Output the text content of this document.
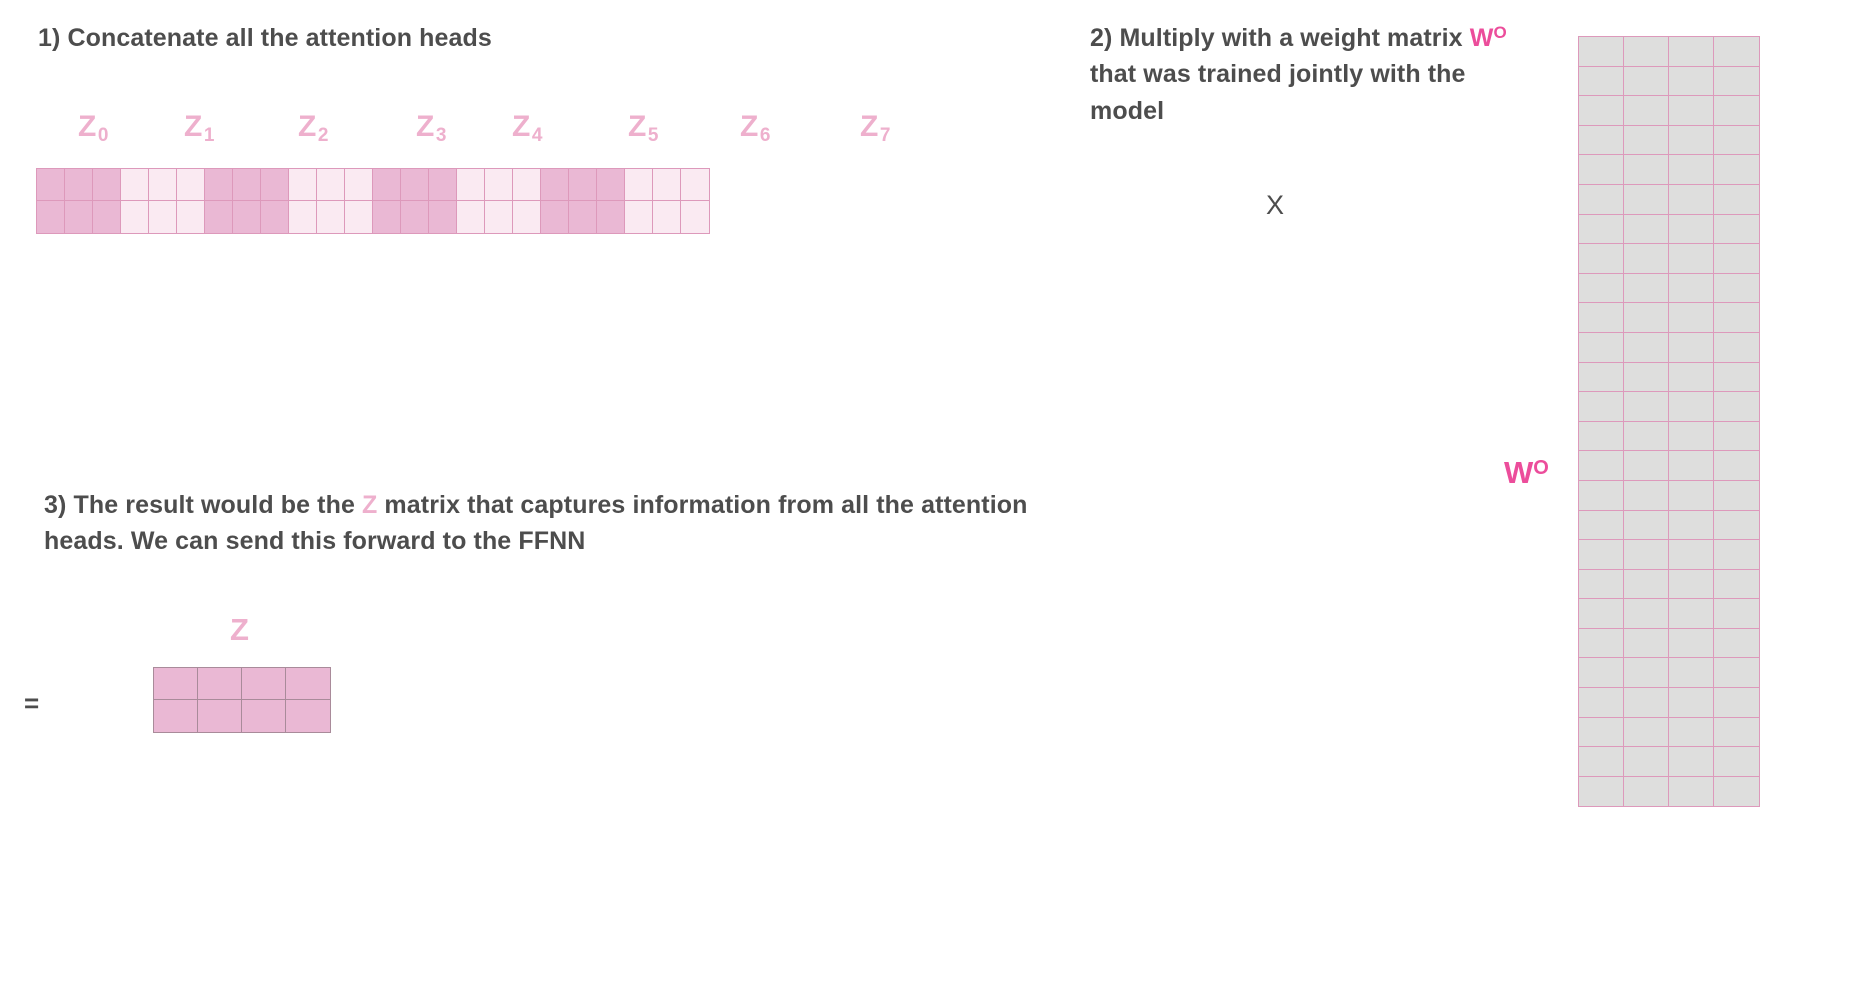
1) Concatenate all the attention heads
$Z_0$	$Z_1$	$Z_2$	$Z_3$ $Z_4$	$Z_5$	$Z_6$	$Z_7$
2) Multiply with a weight matrix $W^O$ that was trained jointly with the model
X
$W^O$
3) The result would be the Z matrix that captures information from all the attention heads. We can send this forward to the FFNN
=
Z
